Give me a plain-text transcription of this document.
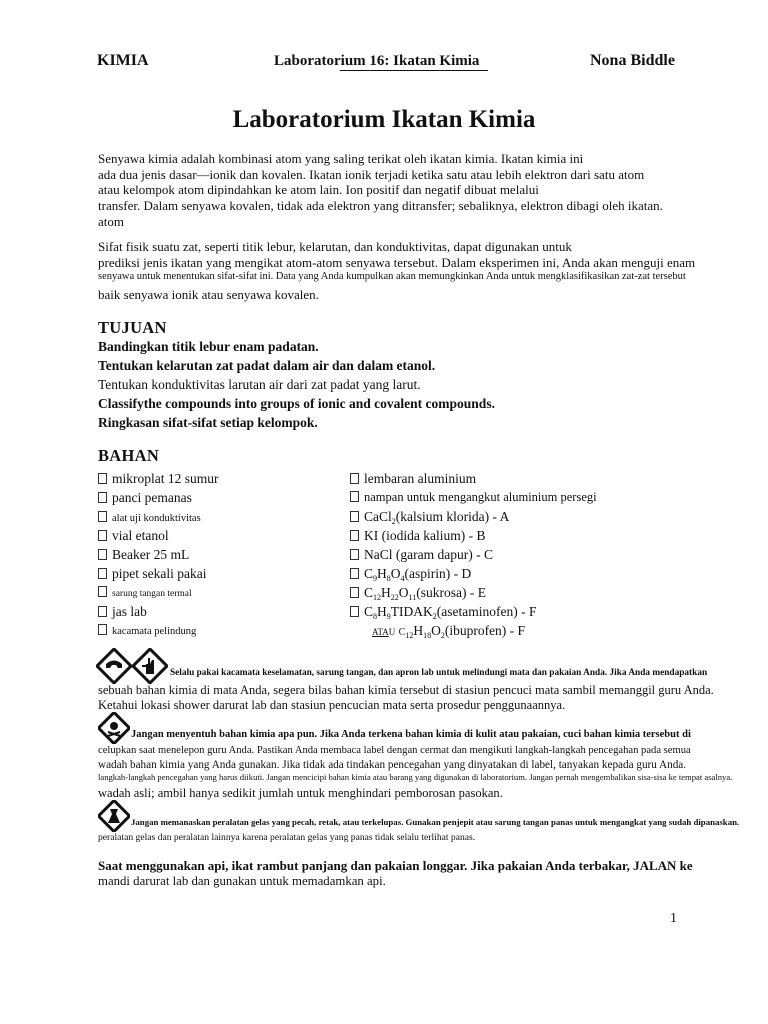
KIMIA	Laboratorium 16: Ikatan Kimia	Nona Biddle
Laboratorium Ikatan Kimia
Senyawa kimia adalah kombinasi atom yang saling terikat oleh ikatan kimia. Ikatan kimia ini
ada dua jenis dasar—ionik dan kovalen. Ikatan ionik terjadi ketika satu atau lebih elektron dari satu atom
atau kelompok atom dipindahkan ke atom lain. Ion positif dan negatif dibuat melalui
transfer. Dalam senyawa kovalen, tidak ada elektron yang ditransfer; sebaliknya, elektron dibagi oleh ikatan.
atom
Sifat fisik suatu zat, seperti titik lebur, kelarutan, dan konduktivitas, dapat digunakan untuk
prediksi jenis ikatan yang mengikat atom-atom senyawa tersebut. Dalam eksperimen ini, Anda akan menguji enam
senyawa untuk menentukan sifat-sifat ini. Data yang Anda kumpulkan akan memungkinkan Anda untuk mengklasifikasikan zat-zat tersebut
baik senyawa ionik atau senyawa kovalen.
TUJUAN
Bandingkan titik lebur enam padatan.
Tentukan kelarutan zat padat dalam air dan dalam etanol.
Tentukan konduktivitas larutan air dari zat padat yang larut.
Classifythe compounds into groups of ionic and covalent compounds.
Ringkasan sifat-sifat setiap kelompok.
BAHAN
mikroplat 12 sumur
panci pemanas
alat uji konduktivitas
vial etanol
Beaker 25 mL
pipet sekali pakai
sarung tangan termal
jas lab
kacamata pelindung
lembaran aluminium
nampan untuk mengangkut aluminium persegi
CaCl$_2$(kalsium klorida) - A
KI (iodida kalium) - B
NaCl (garam dapur) - C
$C_9H_8O_4(aspirin)$ - D
$C_{12}H_{22}O_{11}(sukrosa)$ - E
$C_8H_9TIDAK_2(asetaminofen)$ - F
ATAU $C_{12}H_{18}O_2(ibuprofen)$ - F
Selalu pakai kacamata keselamatan, sarung tangan, dan apron lab untuk melindungi mata dan pakaian Anda. Jika Anda mendapatkan
sebuah bahan kimia di mata Anda, segera bilas bahan kimia tersebut di stasiun pencuci mata sambil memanggil guru Anda.
Ketahui lokasi shower darurat lab dan stasiun pencucian mata serta prosedur penggunaannya.
Jangan menyentuh bahan kimia apa pun. Jika Anda terkena bahan kimia di kulit atau pakaian, cuci bahan kimia tersebut di
celupkan saat menelepon guru Anda. Pastikan Anda membaca label dengan cermat dan mengikuti langkah-langkah pencegahan pada semua
wadah bahan kimia yang Anda gunakan. Jika tidak ada tindakan pencegahan yang dinyatakan di label, tanyakan kepada guru Anda.
langkah-langkah pencegahan yang harus diikuti. Jangan mencicipi bahan kimia atau barang yang digunakan di laboratorium. Jangan pernah mengembalikan sisa-sisa ke tempat asalnya.
wadah asli; ambil hanya sedikit jumlah untuk menghindari pemborosan pasokan.
Jangan memanaskan peralatan gelas yang pecah, retak, atau terkelupas. Gunakan penjepit atau sarung tangan panas untuk mengangkat yang sudah dipanaskan.
peralatan gelas dan peralatan lainnya karena peralatan gelas yang panas tidak selalu terlihat panas.
Saat menggunakan api, ikat rambut panjang dan pakaian longgar. Jika pakaian Anda terbakar, JALAN ke
mandi darurat lab dan gunakan untuk memadamkan api.
1
